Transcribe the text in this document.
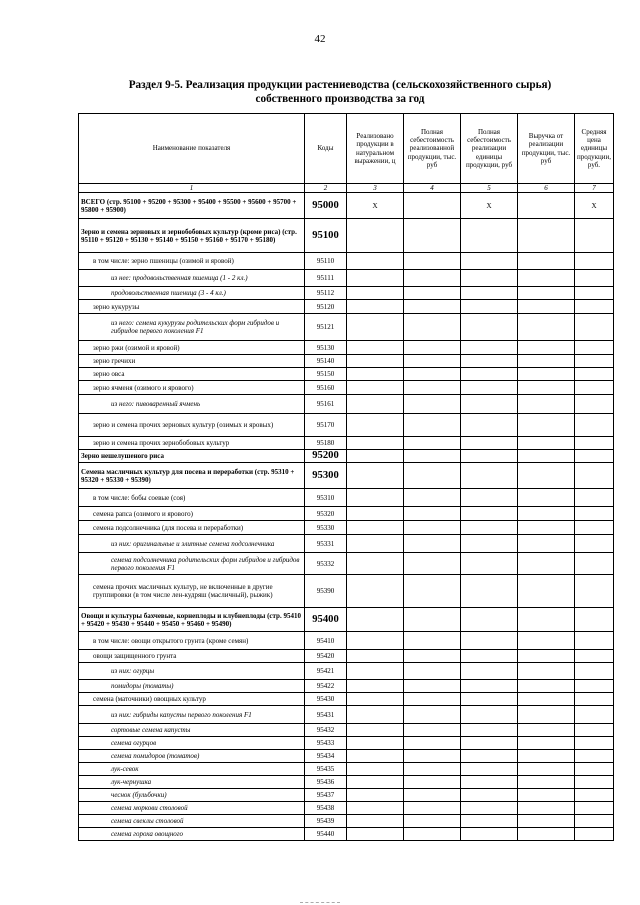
42
Раздел 9-5. Реализация продукции растениеводства (сельскохозяйственного сырья)
собственного производства за год
Наименование показателя	Коды	Реализовано продукции в натуральном выражении, ц	Полная себестоимость реализованной продукции, тыс. руб	Полная себестоимость реализации единицы продукции, руб	Выручка от реализации продукции, тыс. руб	Средняя цена единицы продукции, руб.
1	2	3	4	5	6	7
ВСЕГО (стр. 95100 + 95200 + 95300 + 95400 + 95500 + 95600 + 95700 + 95800 + 95900)	95000	Х		Х		Х
Зерно и семена зерновых и зернобобовых культур (кроме риса) (стр. 95110 + 95120 + 95130 + 95140 + 95150 + 95160 + 95170 + 95180)	95100					
в том числе: зерно пшеницы (озимой и яровой)	95110					
из нее: продовольственная пшеница (1 - 2 кл.)	95111					
продовольственная пшеница (3 - 4 кл.)	95112					
зерно кукурузы	95120					
из него: семена кукурузы родительских форм гибридов и гибридов первого поколения F1	95121					
зерно ржи (озимой и яровой)	95130					
зерно гречихи	95140					
зерно овса	95150					
зерно ячменя (озимого и ярового)	95160					
из него: пивоваренный ячмень	95161					
зерно и семена прочих зерновых культур (озимых и яровых)	95170					
зерно и семена прочих зернобобовых культур	95180					
Зерно нешелушеного риса	95200					
Семена масличных культур для посева и переработки (стр. 95310 + 95320 + 95330 + 95390)	95300					
в том числе: бобы соевые (соя)	95310					
семена рапса (озимого и ярового)	95320					
семена подсолнечника (для посева и переработки)	95330					
из них: оригинальные и элитные семена подсолнечника	95331					
семена подсолнечника родительских форм гибридов и гибридов первого поколения F1	95332					
семена прочих масличных культур, не включенные в другие группировки (в том числе лен-кудряш (масличный), рыжик)	95390					
Овощи и культуры бахчевые, корнеплоды и клубнеплоды (стр. 95410 + 95420 + 95430 + 95440 + 95450 + 95460 + 95490)	95400					
в том числе: овощи открытого грунта (кроме семян)	95410					
овощи защищенного грунта	95420					
из них: огурцы	95421					
помидоры (томаты)	95422					
семена (маточники) овощных культур	95430					
из них: гибриды капусты первого поколения F1	95431					
сортовые семена капусты	95432					
семена огурцов	95433					
семена помидоров (томатов)	95434					
лук-севок	95435					
лук-чернушка	95436					
чеснок (бульбочки)	95437					
семена моркови столовой	95438					
семена свеклы столовой	95439					
семена гороха овощного	95440					
